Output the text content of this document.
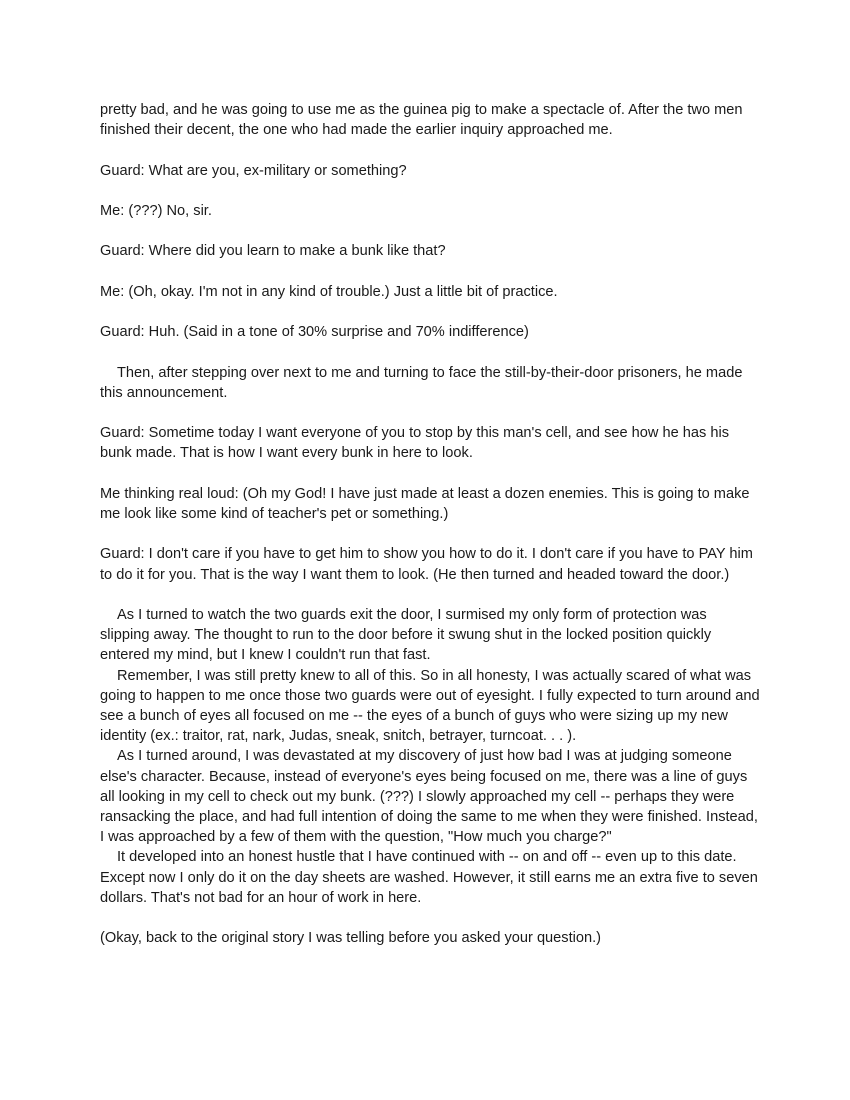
pretty bad, and he was going to use me as the guinea pig to make a spectacle of. After the two men finished their decent, the one who had made the earlier inquiry approached me.

Guard: What are you, ex-military or something?

Me: (???) No, sir.

Guard: Where did you learn to make a bunk like that?

Me: (Oh, okay. I'm not in any kind of trouble.) Just a little bit of practice.

Guard: Huh. (Said in a tone of 30% surprise and 70% indifference)

Then, after stepping over next to me and turning to face the still-by-their-door prisoners, he made this announcement.

Guard: Sometime today I want everyone of you to stop by this man's cell, and see how he has his bunk made. That is how I want every bunk in here to look.

Me thinking real loud: (Oh my God! I have just made at least a dozen enemies. This is going to make me look like some kind of teacher's pet or something.)

Guard: I don't care if you have to get him to show you how to do it. I don't care if you have to PAY him to do it for you. That is the way I want them to look. (He then turned and headed toward the door.)

As I turned to watch the two guards exit the door, I surmised my only form of protection was slipping away. The thought to run to the door before it swung shut in the locked position quickly entered my mind, but I knew I couldn't run that fast.

Remember, I was still pretty knew to all of this. So in all honesty, I was actually scared of what was going to happen to me once those two guards were out of eyesight. I fully expected to turn around and see a bunch of eyes all focused on me -- the eyes of a bunch of guys who were sizing up my new identity (ex.: traitor, rat, nark, Judas, sneak, snitch, betrayer, turncoat. . . ).

As I turned around, I was devastated at my discovery of just how bad I was at judging someone else's character. Because, instead of everyone's eyes being focused on me, there was a line of guys all looking in my cell to check out my bunk. (???) I slowly approached my cell -- perhaps they were ransacking the place, and had full intention of doing the same to me when they were finished. Instead, I was approached by a few of them with the question, "How much you charge?"

It developed into an honest hustle that I have continued with -- on and off -- even up to this date. Except now I only do it on the day sheets are washed. However, it still earns me an extra five to seven dollars. That's not bad for an hour of work in here.

(Okay, back to the original story I was telling before you asked your question.)
